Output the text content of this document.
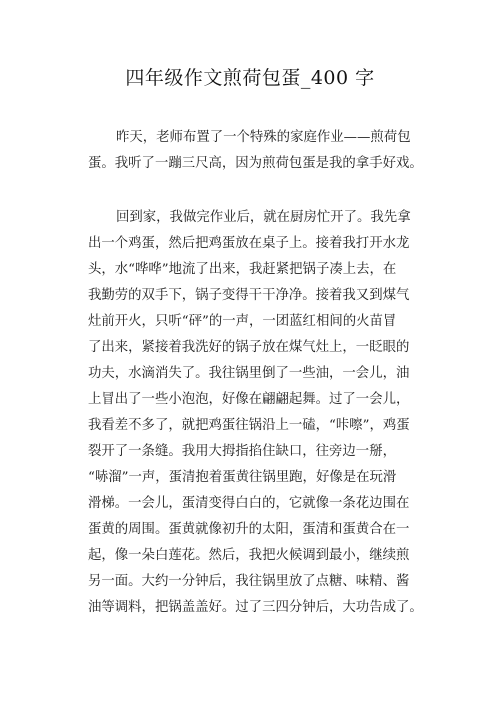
四年级作文煎荷包蛋_400 字
昨天，老师布置了一个特殊的家庭作业——煎荷包
蛋。我听了一蹦三尺高，因为煎荷包蛋是我的拿手好戏。
回到家，我做完作业后，就在厨房忙开了。我先拿
出一个鸡蛋，然后把鸡蛋放在桌子上。接着我打开水龙
头，水“哗哗”地流了出来，我赶紧把锅子凑上去，在
我勤劳的双手下，锅子变得干干净净。接着我又到煤气
灶前开火，只听“砰”的一声，一团蓝红相间的火苗冒
了出来，紧接着我洗好的锅子放在煤气灶上，一眨眼的
功夫，水滴消失了。我往锅里倒了一些油，一会儿，油
上冒出了一些小泡泡，好像在翩翩起舞。过了一会儿，
我看差不多了，就把鸡蛋往锅沿上一磕，“咔嚓”，鸡蛋
裂开了一条缝。我用大拇指掐住缺口，往旁边一掰，
“哧溜”一声，蛋清抱着蛋黄往锅里跑，好像是在玩滑
滑梯。一会儿，蛋清变得白白的，它就像一条花边围在
蛋黄的周围。蛋黄就像初升的太阳，蛋清和蛋黄合在一
起，像一朵白莲花。然后，我把火候调到最小，继续煎
另一面。大约一分钟后，我往锅里放了点糖、味精、酱
油等调料，把锅盖盖好。过了三四分钟后，大功告成了。
